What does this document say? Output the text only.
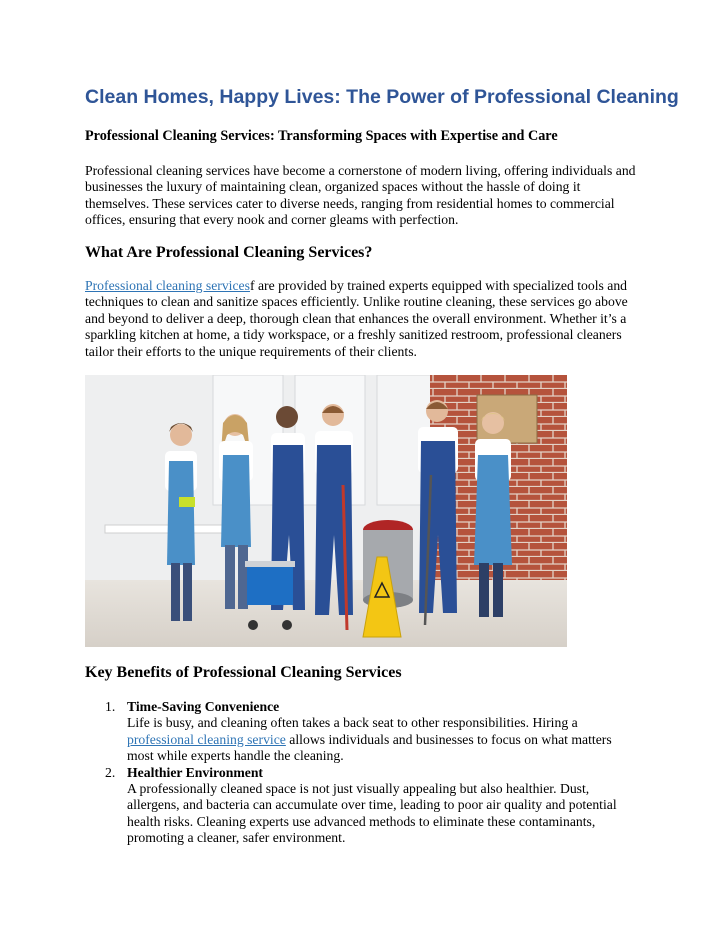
Clean Homes, Happy Lives: The Power of Professional Cleaning

Professional Cleaning Services: Transforming Spaces with Expertise and Care

Professional cleaning services have become a cornerstone of modern living, offering individuals and businesses the luxury of maintaining clean, organized spaces without the hassle of doing it themselves. These services cater to diverse needs, ranging from residential homes to commercial offices, ensuring that every nook and corner gleams with perfection.

What Are Professional Cleaning Services?

Professional cleaning servicesf are provided by trained experts equipped with specialized tools and techniques to clean and sanitize spaces efficiently. Unlike routine cleaning, these services go above and beyond to deliver a deep, thorough clean that enhances the overall environment. Whether it’s a sparkling kitchen at home, a tidy workspace, or a freshly sanitized restroom, professional cleaners tailor their efforts to the unique requirements of their clients.

Key Benefits of Professional Cleaning Services

1. Time-Saving Convenience
Life is busy, and cleaning often takes a back seat to other responsibilities. Hiring a professional cleaning service allows individuals and businesses to focus on what matters most while experts handle the cleaning.
2. Healthier Environment
A professionally cleaned space is not just visually appealing but also healthier. Dust, allergens, and bacteria can accumulate over time, leading to poor air quality and potential health risks. Cleaning experts use advanced methods to eliminate these contaminants, promoting a cleaner, safer environment.
